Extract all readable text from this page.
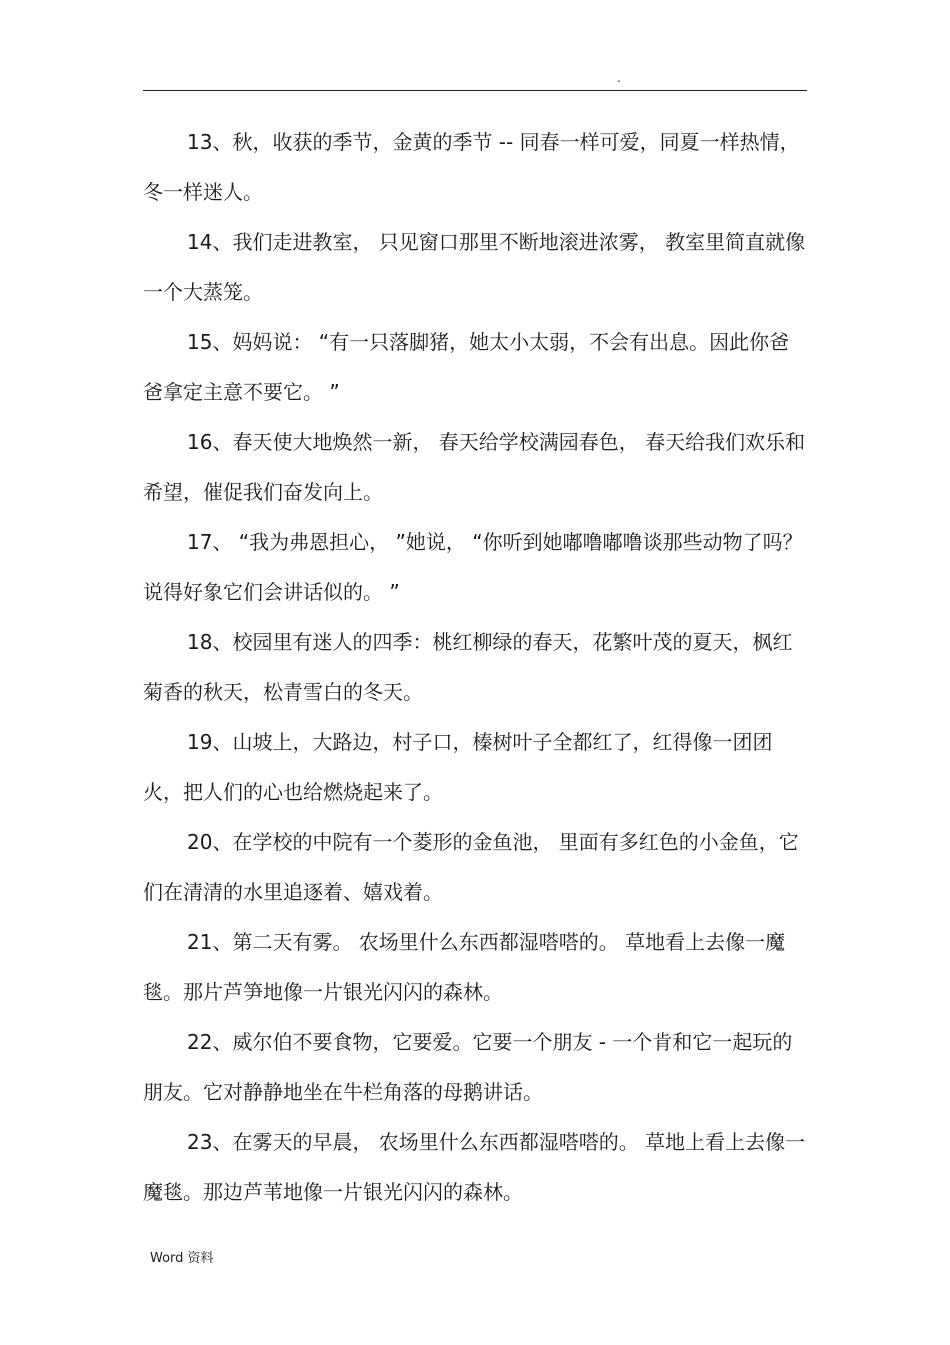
.

13、秋，收获的季节，金黄的季节 -- 同春一样可爱，同夏一样热情，冬一样迷人。

14、我们走进教室， 只见窗口那里不断地滚进浓雾， 教室里简直就像一个大蒸笼。

15、妈妈说： “有一只落脚猪，她太小太弱，不会有出息。因此你爸爸拿定主意不要它。 ”

16、春天使大地焕然一新， 春天给学校满园春色， 春天给我们欢乐和希望，催促我们奋发向上。

17、 “我为弗恩担心， ”她说， “你听到她嘟噜嘟噜谈那些动物了吗？说得好象它们会讲话似的。 ”

18、校园里有迷人的四季：桃红柳绿的春天，花繁叶茂的夏天，枫红菊香的秋天，松青雪白的冬天。

19、山坡上，大路边，村子口，榛树叶子全都红了，红得像一团团火，把人们的心也给燃烧起来了。

20、在学校的中院有一个菱形的金鱼池， 里面有多红色的小金鱼，它们在清清的水里追逐着、嬉戏着。

21、第二天有雾。 农场里什么东西都湿嗒嗒的。 草地看上去像一魔毯。那片芦笋地像一片银光闪闪的森林。

22、威尔伯不要食物，它要爱。它要一个朋友 - 一个肯和它一起玩的朋友。它对静静地坐在牛栏角落的母鹅讲话。

23、在雾天的早晨， 农场里什么东西都湿嗒嗒的。 草地上看上去像一魔毯。那边芦苇地像一片银光闪闪的森林。

Word 资料
